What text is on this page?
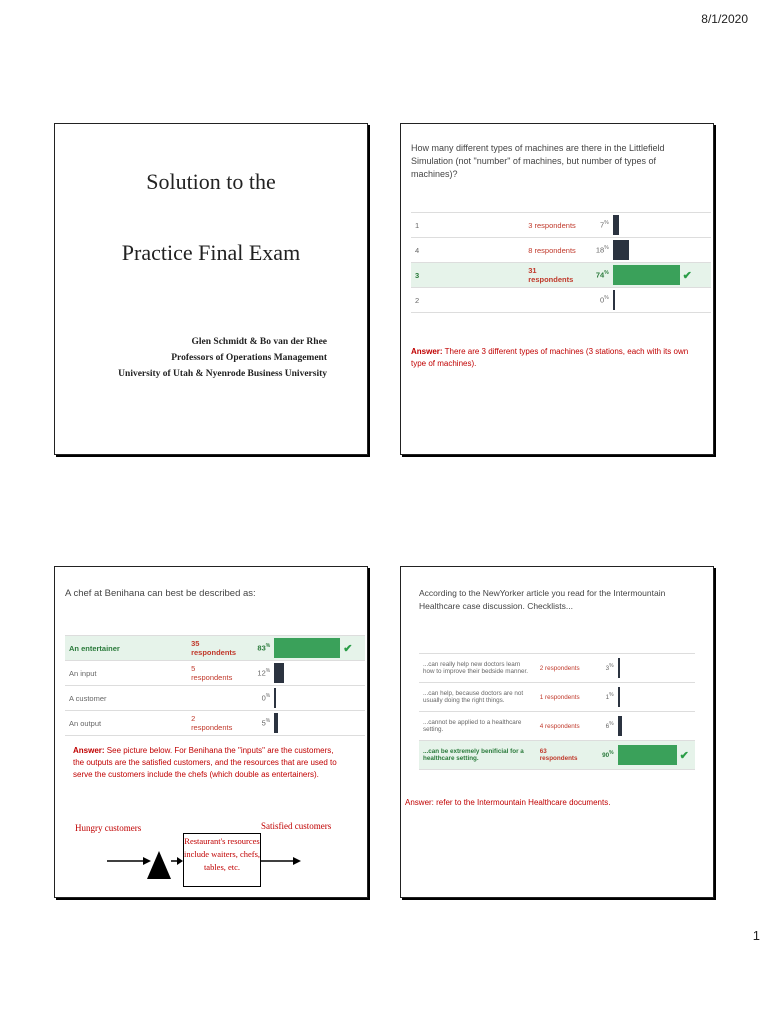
8/1/2020
Solution to the
Practice Final Exam
Glen Schmidt & Bo van der Rhee
Professors of Operations Management
University of Utah & Nyenrode Business University
How many different types of machines are there in the Littlefield Simulation (not "number" of machines, but number of types of machines)?
1	3 respondents	7%	
4	8 respondents	18%	
3	31 respondents	74%	✔
2		0%	
Answer: There are 3 different types of machines (3 stations, each with its own type of machines).
A chef at Benihana can best be described as:
An entertainer	35 respondents	83%	✔
An input	5 respondents	12%	
A customer		0%	
An output	2 respondents	5%	
Answer: See picture below. For Benihana the "inputs" are the customers, the outputs are the satisfied customers, and the resources that are used to serve the customers include the chefs (which double as entertainers).
Hungry customers	Satisfied customers
Restaurant's resources include waiters, chefs, tables, etc.
According to the NewYorker article you read for the Intermountain Healthcare case discussion. Checklists...
...can really help new doctors learn how to improve their bedside manner.	2 respondents	3%	
...can help, because doctors are not usually doing the right things.	1 respondents	1%	
...cannot be applied to a healthcare setting.	4 respondents	6%	
...can be extremely benificial for a healthcare setting.	63 respondents	90%	✔
Answer: refer to the Intermountain Healthcare documents.
1
